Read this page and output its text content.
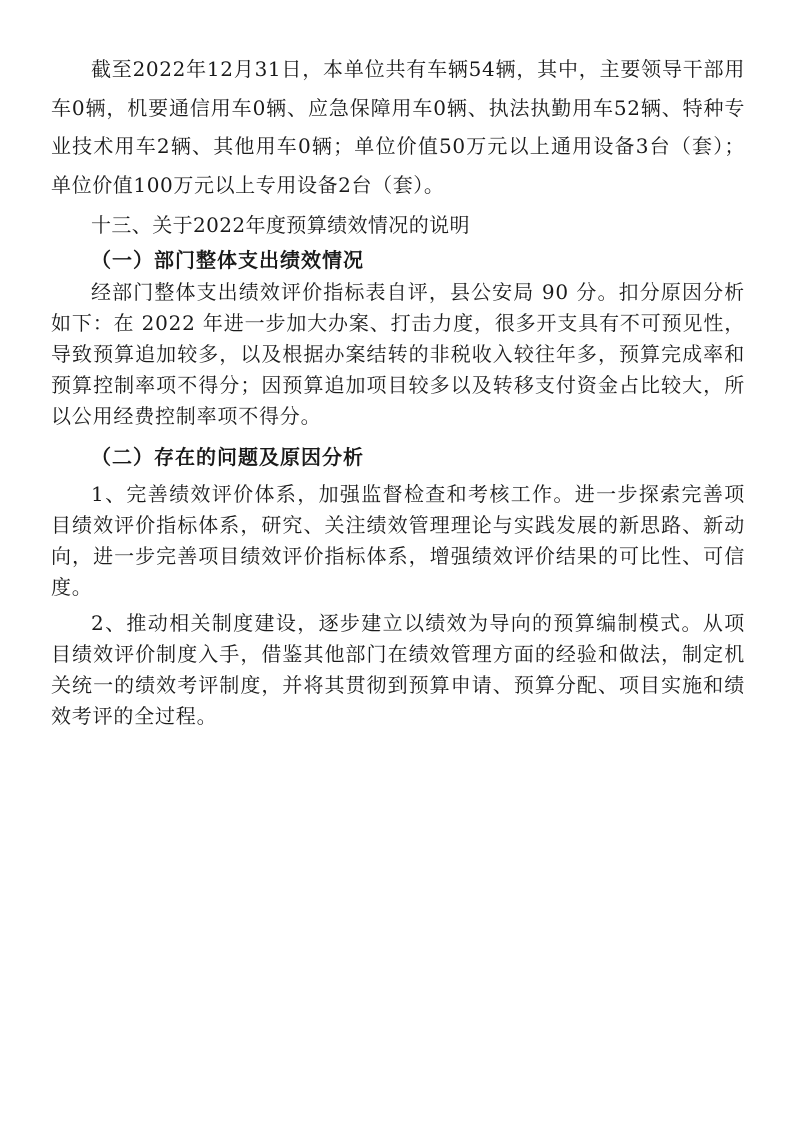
截至2022年12月31日，本单位共有车辆54辆，其中，主要领导干部用车0辆，机要通信用车0辆、应急保障用车0辆、执法执勤用车52辆、特种专业技术用车2辆、其他用车0辆；单位价值50万元以上通用设备3台（套）；单位价值100万元以上专用设备2台（套）。

十三、关于2022年度预算绩效情况的说明
（一）部门整体支出绩效情况

经部门整体支出绩效评价指标表自评，县公安局 90 分。扣分原因分析如下：在 2022 年进一步加大办案、打击力度，很多开支具有不可预见性，导致预算追加较多，以及根据办案结转的非税收入较往年多，预算完成率和预算控制率项不得分；因预算追加项目较多以及转移支付资金占比较大，所以公用经费控制率项不得分。

（二）存在的问题及原因分析

1、完善绩效评价体系，加强监督检查和考核工作。进一步探索完善项目绩效评价指标体系，研究、关注绩效管理理论与实践发展的新思路、新动向，进一步完善项目绩效评价指标体系，增强绩效评价结果的可比性、可信度。

2、推动相关制度建设，逐步建立以绩效为导向的预算编制模式。从项目绩效评价制度入手，借鉴其他部门在绩效管理方面的经验和做法，制定机关统一的绩效考评制度，并将其贯彻到预算申请、预算分配、项目实施和绩效考评的全过程。
